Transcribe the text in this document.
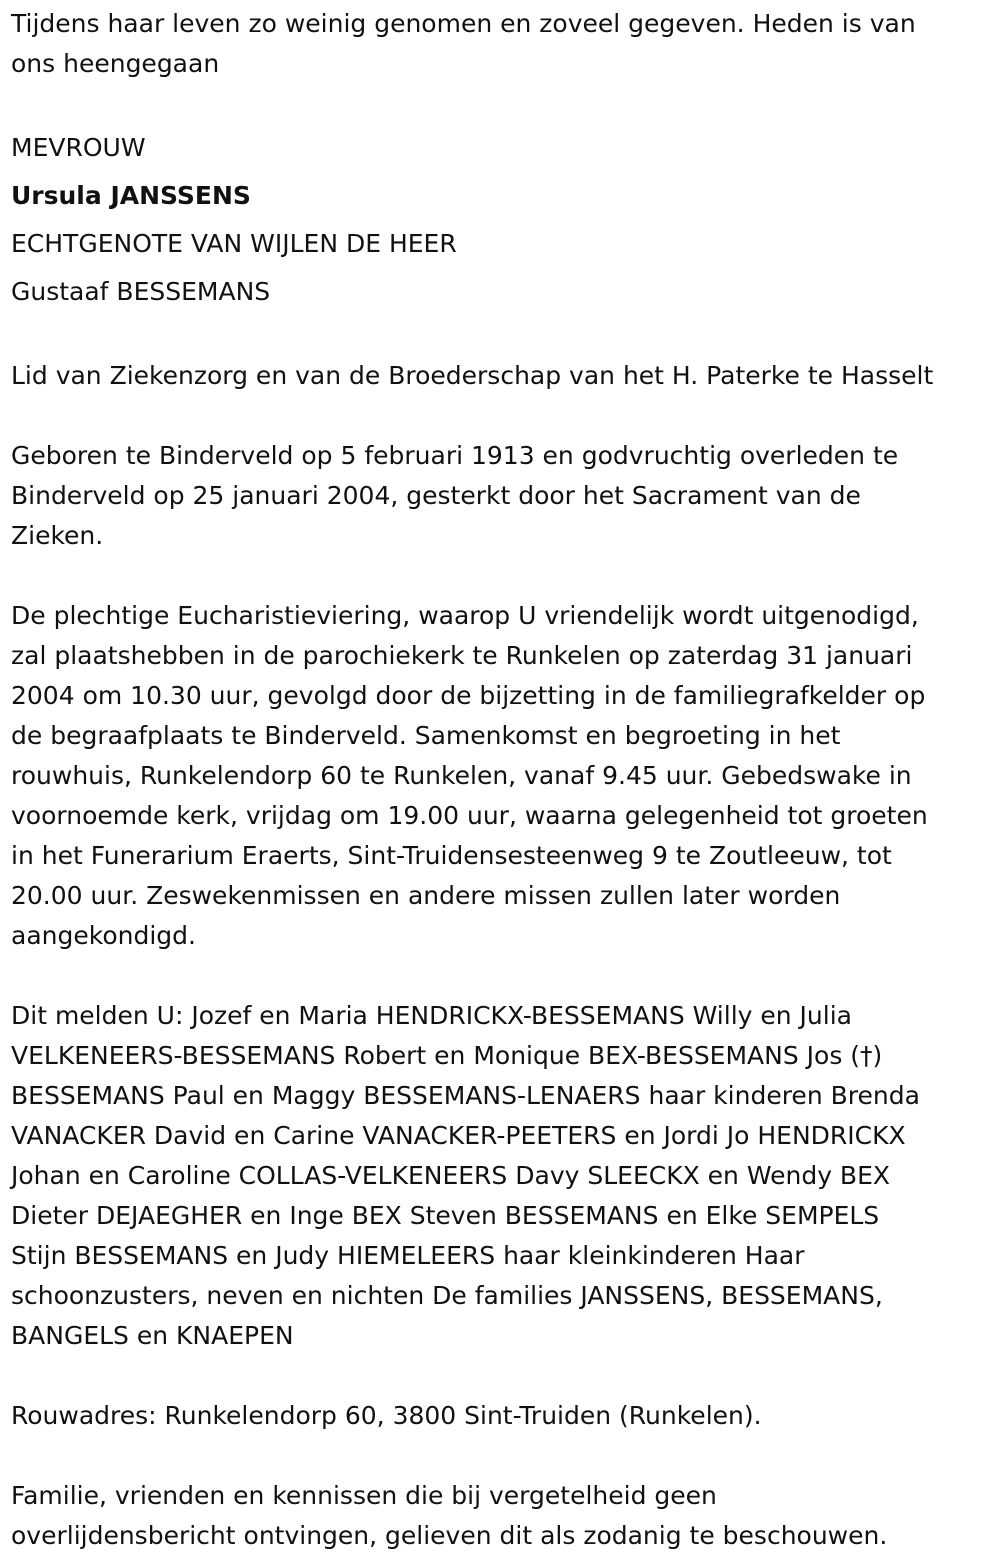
Tijdens haar leven zo weinig genomen en zoveel gegeven. Heden is van
ons heengegaan
MEVROUW
Ursula JANSSENS
ECHTGENOTE VAN WIJLEN DE HEER
Gustaaf BESSEMANS
Lid van Ziekenzorg en van de Broederschap van het H. Paterke te Hasselt
Geboren te Binderveld op 5 februari 1913 en godvruchtig overleden te
Binderveld op 25 januari 2004, gesterkt door het Sacrament van de
Zieken.
De plechtige Eucharistieviering, waarop U vriendelijk wordt uitgenodigd,
zal plaatshebben in de parochiekerk te Runkelen op zaterdag 31 januari
2004 om 10.30 uur, gevolgd door de bijzetting in de familiegrafkelder op
de begraafplaats te Binderveld. Samenkomst en begroeting in het
rouwhuis, Runkelendorp 60 te Runkelen, vanaf 9.45 uur. Gebedswake in
voornoemde kerk, vrijdag om 19.00 uur, waarna gelegenheid tot groeten
in het Funerarium Eraerts, Sint-Truidensesteenweg 9 te Zoutleeuw, tot
20.00 uur. Zeswekenmissen en andere missen zullen later worden
aangekondigd.
Dit melden U: Jozef en Maria HENDRICKX-BESSEMANS Willy en Julia
VELKENEERS-BESSEMANS Robert en Monique BEX-BESSEMANS Jos (†)
BESSEMANS Paul en Maggy BESSEMANS-LENAERS haar kinderen Brenda
VANACKER David en Carine VANACKER-PEETERS en Jordi Jo HENDRICKX
Johan en Caroline COLLAS-VELKENEERS Davy SLEECKX en Wendy BEX
Dieter DEJAEGHER en Inge BEX Steven BESSEMANS en Elke SEMPELS
Stijn BESSEMANS en Judy HIEMELEERS haar kleinkinderen Haar
schoonzusters, neven en nichten De families JANSSENS, BESSEMANS,
BANGELS en KNAEPEN
Rouwadres: Runkelendorp 60, 3800 Sint-Truiden (Runkelen).
Familie, vrienden en kennissen die bij vergetelheid geen
overlijdensbericht ontvingen, gelieven dit als zodanig te beschouwen.
